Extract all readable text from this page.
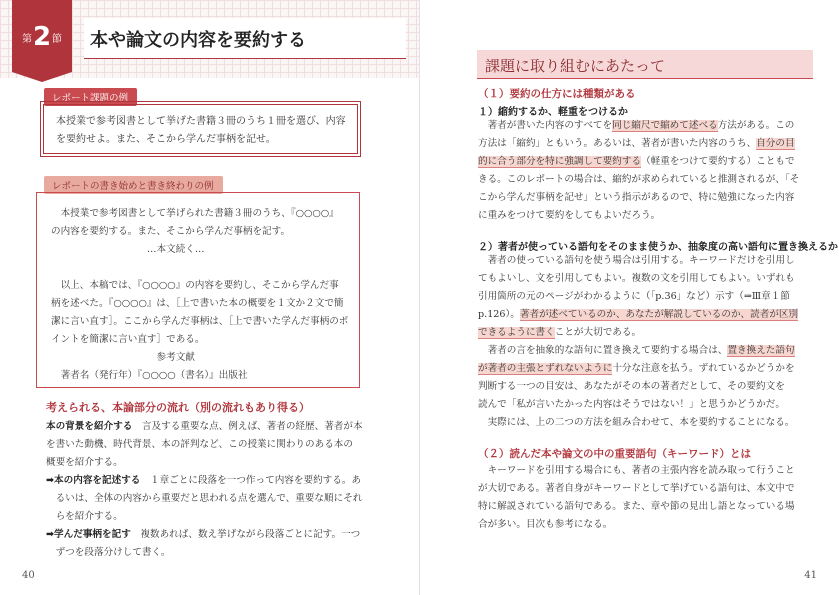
第2節	本や論文の内容を要約する
レポート課題の例

本授業で参考図書として挙げた書籍３冊のうち１冊を選び、内容を要約せよ。また、そこから学んだ事柄を記せ。

レポートの書き始めと書き終わりの例
　本授業で参考図書として挙げられた書籍３冊のうち、『○○○○』
の内容を要約する。また、そこから学んだ事柄を記す。
　　　　　　　　　　…本文続く…

　以上、本稿では、『○○○○』の内容を要約し、そこから学んだ事
柄を述べた。『○○○○』は、［上で書いた本の概要を１文か２文で簡
潔に言い直す］。ここから学んだ事柄は、［上で書いた学んだ事柄のポ
イントを簡潔に言い直す］である。
　　　　　　　　　　　参考文献
　著者名（発行年）『○○○○（書名）』出版社
考えられる、本論部分の流れ（別の流れもあり得る）
本の背景を紹介する　言及する重要な点、例えば、著者の経歴、著者が本
を書いた動機、時代背景、本の評判など、この授業に関わりのある本の
概要を紹介する。
➡本の内容を記述する　１章ごとに段落を一つ作って内容を要約する。あ
　るいは、全体の内容から重要だと思われる点を選んで、重要な順にそれ
　らを紹介する。
➡学んだ事柄を記す　複数あれば、数え挙げながら段落ごとに記す。一つ
　ずつを段落分けして書く。
40
課題に取り組むにあたって
（１）要約の仕方には種類がある
１）縮約するか、軽重をつけるか
　著者が書いた内容のすべてを同じ縮尺で縮めて述べる方法がある。この
方法は「縮約」ともいう。あるいは、著者が書いた内容のうち、自分の目
的に合う部分を特に強調して要約する（軽重をつけて要約する）こともで
きる。このレポートの場合は、縮約が求められていると推測されるが、「そ
こから学んだ事柄を記せ」という指示があるので、特に勉強になった内容
に重みをつけて要約をしてもよいだろう。
２）著者が使っている語句をそのまま使うか、抽象度の高い語句に置き換えるか
　著者の使っている語句を使う場合は引用する。キーワードだけを引用し
てもよいし、文を引用してもよい。複数の文を引用してもよい。いずれも
引用箇所の元のページがわかるように（「p.36」など）示す（⇒Ⅲ章１節
p.126）。著者が述べているのか、あなたが解説しているのか、読者が区別
できるように書くことが大切である。
　著者の言を抽象的な語句に置き換えて要約する場合は、置き換えた語句
が著者の主張とずれないように十分な注意を払う。ずれているかどうかを
判断する一つの目安は、あなたがその本の著者だとして、その要約文を
読んで「私が言いたかった内容はそうではない！」と思うかどうかだ。
　実際には、上の二つの方法を組み合わせて、本を要約することになる。
（２）読んだ本や論文の中の重要語句（キーワード）とは
　キーワードを引用する場合にも、著者の主張内容を読み取って行うこと
が大切である。著者自身がキーワードとして挙げている語句は、本文中で
特に解説されている語句である。また、章や節の見出し語となっている場
合が多い。目次も参考になる。
41
